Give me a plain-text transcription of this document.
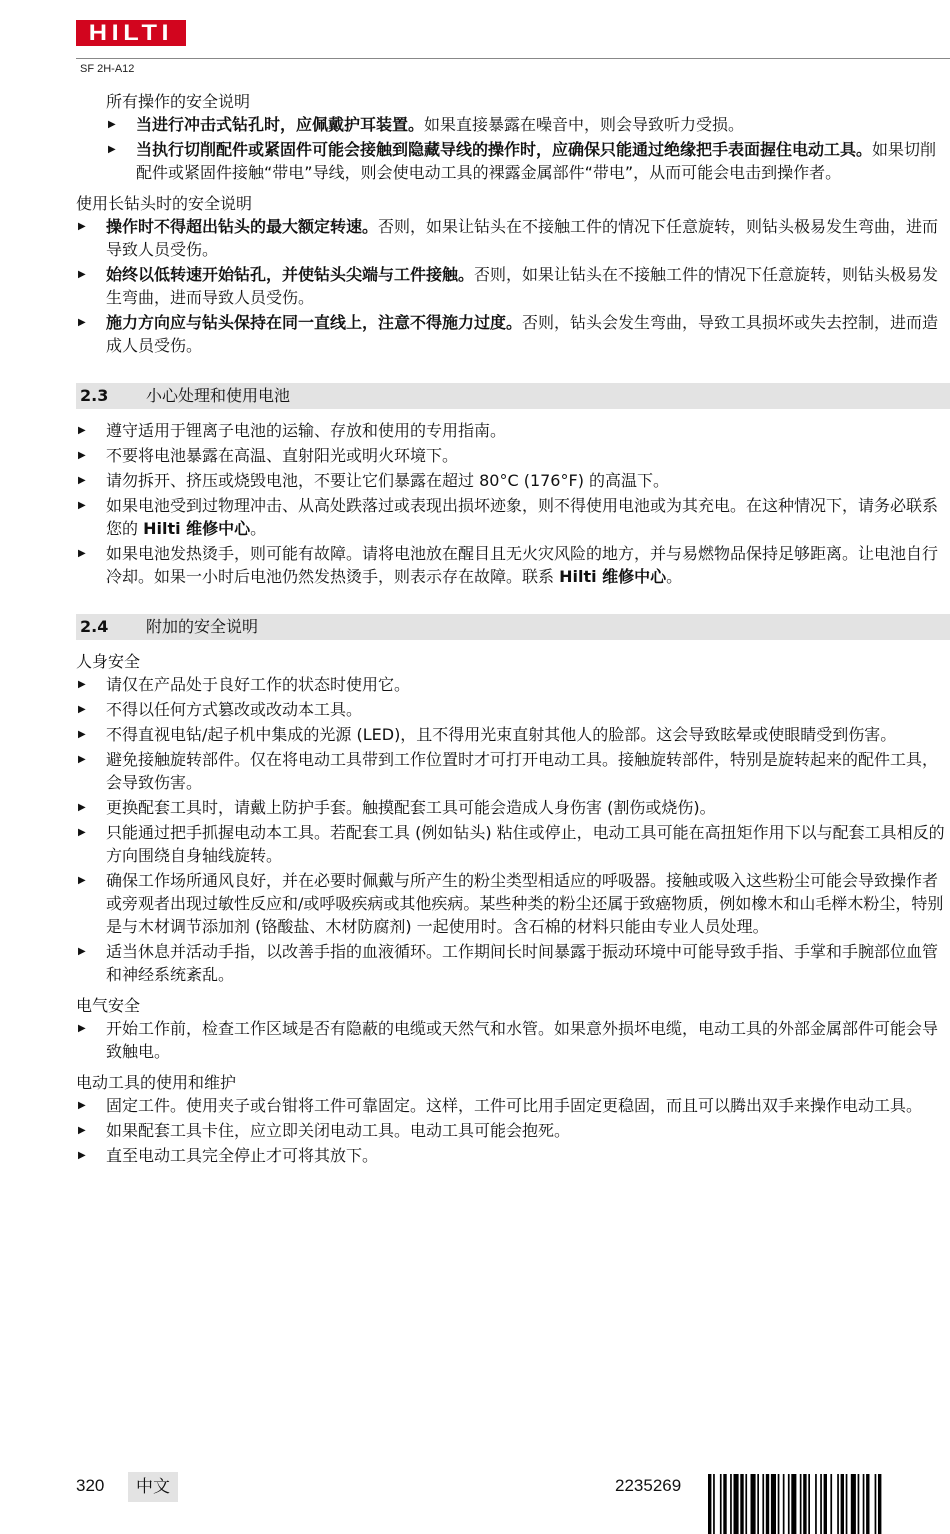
HILTI
SF 2H-A12

所有操作的安全说明

▶ 当进行冲击式钻孔时，应佩戴护耳装置。如果直接暴露在噪音中，则会导致听力受损。
▶ 当执行切削配件或紧固件可能会接触到隐藏导线的操作时，应确保只能通过绝缘把手表面握住电动工具。如果切削配件或紧固件接触“带电”导线，则会使电动工具的裸露金属部件“带电”，从而可能会电击到操作者。

使用长钻头时的安全说明

▶ 操作时不得超出钻头的最大额定转速。否则，如果让钻头在不接触工件的情况下任意旋转，则钻头极易发生弯曲，进而导致人员受伤。
▶ 始终以低转速开始钻孔，并使钻头尖端与工件接触。否则，如果让钻头在不接触工件的情况下任意旋转，则钻头极易发生弯曲，进而导致人员受伤。
▶ 施力方向应与钻头保持在同一直线上，注意不得施力过度。否则，钻头会发生弯曲，导致工具损坏或失去控制，进而造成人员受伤。
2.3	小心处理和使用电池
▶ 遵守适用于锂离子电池的运输、存放和使用的专用指南。
▶ 不要将电池暴露在高温、直射阳光或明火环境下。
▶ 请勿拆开、挤压或烧毁电池，不要让它们暴露在超过 80°C (176°F) 的高温下。
▶ 如果电池受到过物理冲击、从高处跌落过或表现出损坏迹象，则不得使用电池或为其充电。在这种情况下，请务必联系您的 Hilti 维修中心。
▶ 如果电池发热烫手，则可能有故障。请将电池放在醒目且无火灾风险的地方，并与易燃物品保持足够距离。让电池自行冷却。如果一小时后电池仍然发热烫手，则表示存在故障。联系 Hilti 维修中心。
2.4	附加的安全说明

人身安全

▶ 请仅在产品处于良好工作的状态时使用它。
▶ 不得以任何方式篡改或改动本工具。
▶ 不得直视电钻/起子机中集成的光源 (LED)，且不得用光束直射其他人的脸部。这会导致眩晕或使眼睛受到伤害。
▶ 避免接触旋转部件。仅在将电动工具带到工作位置时才可打开电动工具。接触旋转部件，特别是旋转起来的配件工具，会导致伤害。
▶ 更换配套工具时，请戴上防护手套。触摸配套工具可能会造成人身伤害 (割伤或烧伤)。
▶ 只能通过把手抓握电动本工具。若配套工具 (例如钻头) 粘住或停止，电动工具可能在高扭矩作用下以与配套工具相反的方向围绕自身轴线旋转。
▶ 确保工作场所通风良好，并在必要时佩戴与所产生的粉尘类型相适应的呼吸器。接触或吸入这些粉尘可能会导致操作者或旁观者出现过敏性反应和/或呼吸疾病或其他疾病。某些种类的粉尘还属于致癌物质，例如橡木和山毛榉木粉尘，特别是与木材调节添加剂 (铬酸盐、木材防腐剂) 一起使用时。含石棉的材料只能由专业人员处理。
▶ 适当休息并活动手指，以改善手指的血液循环。工作期间长时间暴露于振动环境中可能导致手指、手掌和手腕部位血管和神经系统紊乱。

电气安全

▶ 开始工作前，检查工作区域是否有隐蔽的电缆或天然气和水管。如果意外损坏电缆，电动工具的外部金属部件可能会导致触电。

电动工具的使用和维护

▶ 固定工件。使用夹子或台钳将工件可靠固定。这样，工件可比用手固定更稳固，而且可以腾出双手来操作电动工具。
▶ 如果配套工具卡住，应立即关闭电动工具。电动工具可能会抱死。
▶ 直至电动工具完全停止才可将其放下。
320	中文	2235269
